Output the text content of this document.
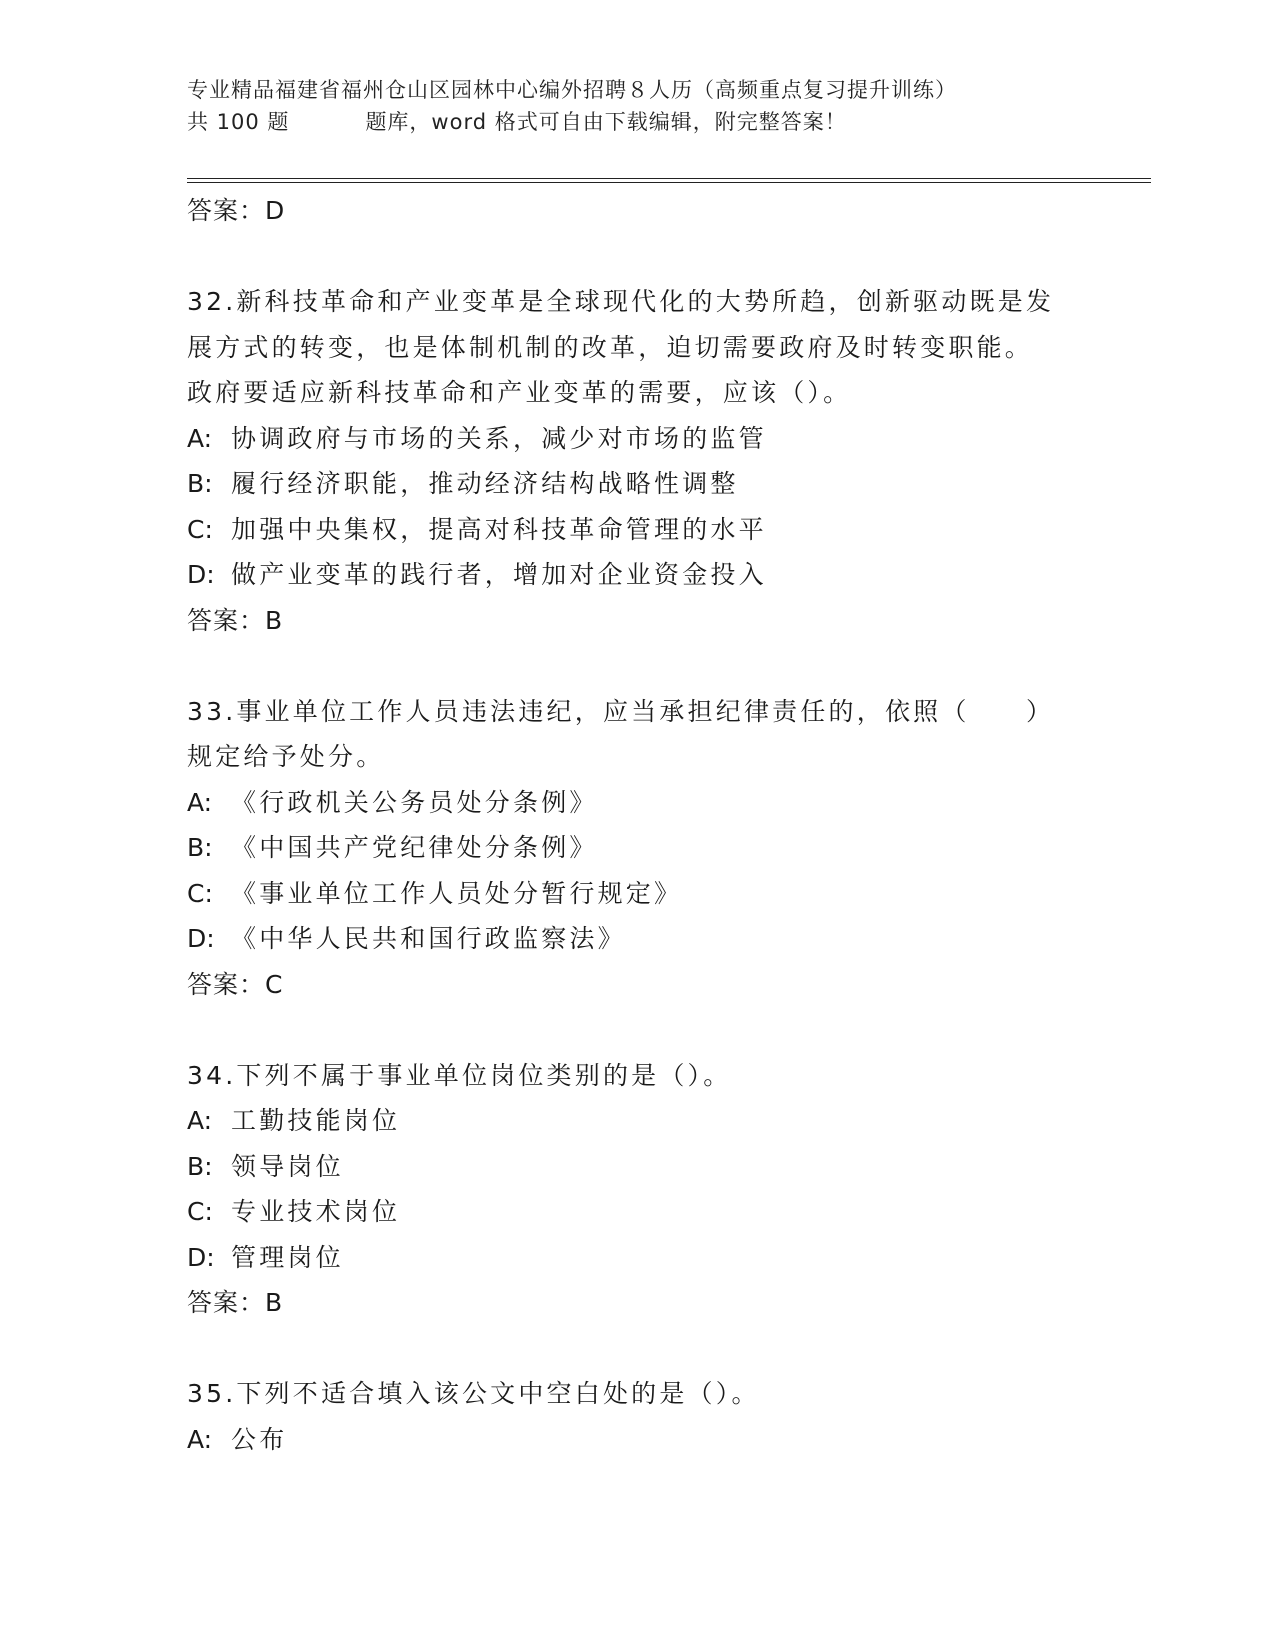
专业精品福建省福州仓山区园林中心编外招聘８人历（高频重点复习提升训练）
共 100 题	题库，word 格式可自由下载编辑，附完整答案！
答案：D
32.新科技革命和产业变革是全球现代化的大势所趋，创新驱动既是发
展方式的转变，也是体制机制的改革，迫切需要政府及时转变职能。
政府要适应新科技革命和产业变革的需要，应该（）。
A: 协调政府与市场的关系，减少对市场的监管
B: 履行经济职能，推动经济结构战略性调整
C: 加强中央集权，提高对科技革命管理的水平
D: 做产业变革的践行者，增加对企业资金投入
答案：B
33.事业单位工作人员违法违纪，应当承担纪律责任的，依照（　　）
规定给予处分。
A: 《行政机关公务员处分条例》
B: 《中国共产党纪律处分条例》
C: 《事业单位工作人员处分暂行规定》
D: 《中华人民共和国行政监察法》
答案：C
34.下列不属于事业单位岗位类别的是（）。
A: 工勤技能岗位
B: 领导岗位
C: 专业技术岗位
D: 管理岗位
答案：B
35.下列不适合填入该公文中空白处的是（）。
A: 公布
